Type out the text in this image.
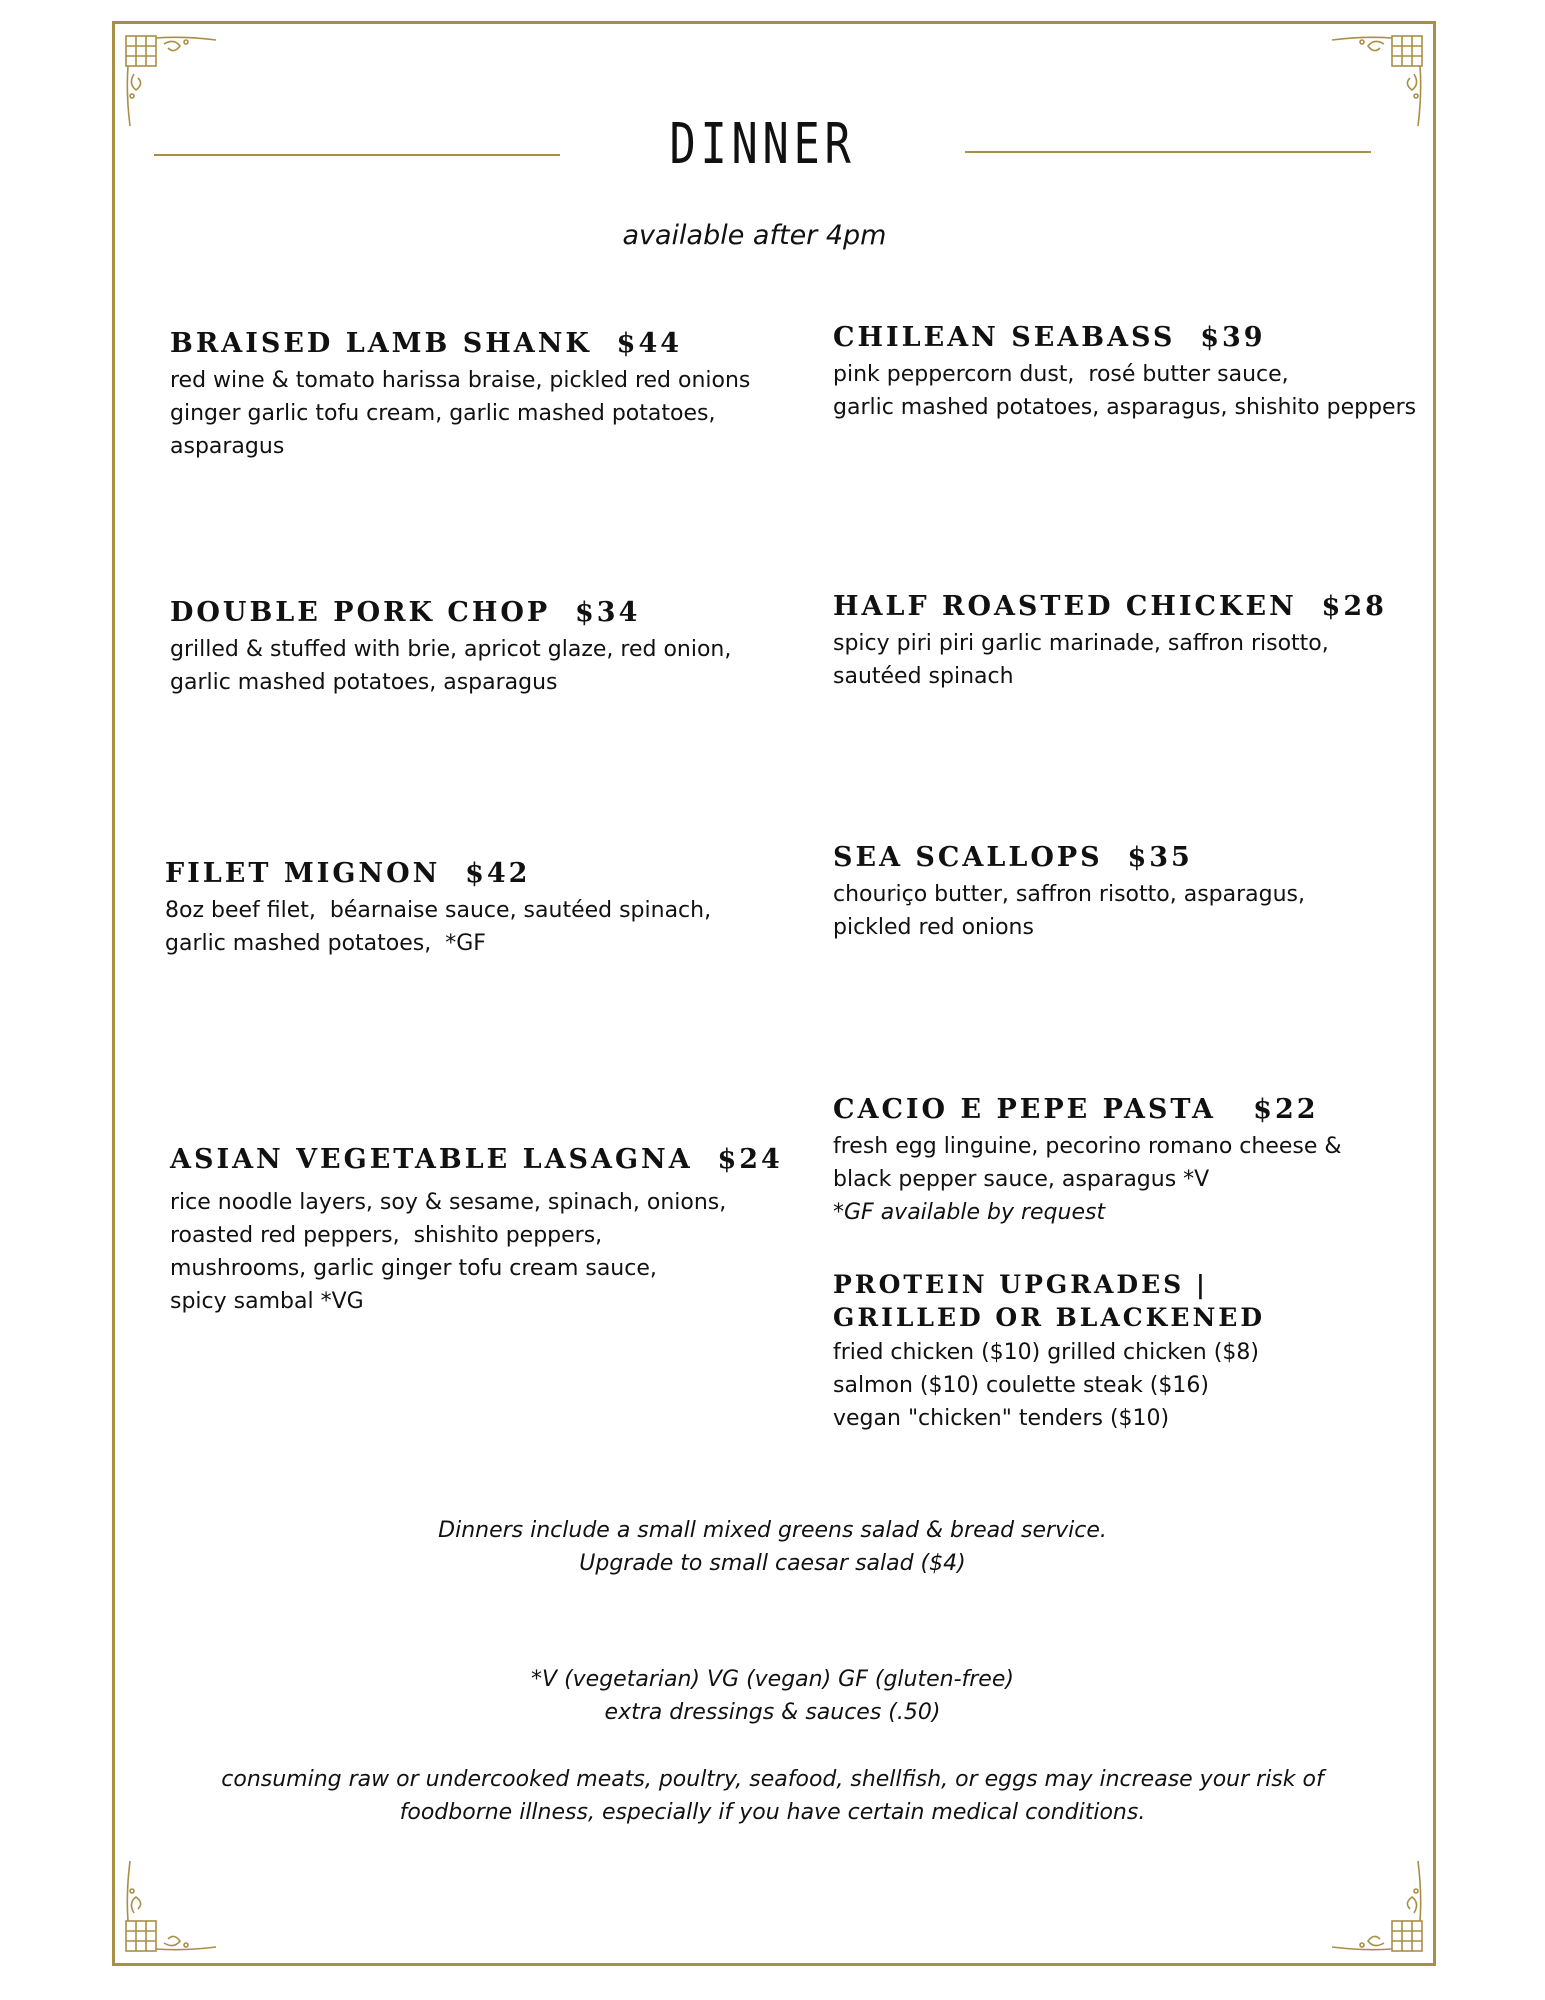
DINNER
available after 4pm
BRAISED LAMB SHANK  $44
red wine & tomato harissa braise, pickled red onions
ginger garlic tofu cream, garlic mashed potatoes,
asparagus
DOUBLE PORK CHOP  $34
grilled & stuffed with brie, apricot glaze, red onion,
garlic mashed potatoes, asparagus
FILET MIGNON  $42
8oz beef filet,  béarnaise sauce, sautéed spinach,
garlic mashed potatoes,  *GF
ASIAN VEGETABLE LASAGNA  $24
rice noodle layers, soy & sesame, spinach, onions,
roasted red peppers,  shishito peppers,
mushrooms, garlic ginger tofu cream sauce,
spicy sambal *VG
CHILEAN SEABASS  $39
pink peppercorn dust,  rosé butter sauce,
garlic mashed potatoes, asparagus, shishito peppers
HALF ROASTED CHICKEN  $28
spicy piri piri garlic marinade, saffron risotto,
sautéed spinach
SEA SCALLOPS  $35
chouriço butter, saffron risotto, asparagus,
pickled red onions
CACIO E PEPE PASTA   $22
fresh egg linguine, pecorino romano cheese &
black pepper sauce, asparagus *V
*GF available by request
PROTEIN UPGRADES |
GRILLED OR BLACKENED
fried chicken ($10) grilled chicken ($8)
salmon ($10) coulette steak ($16)
vegan "chicken" tenders ($10)
Dinners include a small mixed greens salad & bread service.
Upgrade to small caesar salad ($4)
*V (vegetarian) VG (vegan) GF (gluten-free)
extra dressings & sauces (.50)
consuming raw or undercooked meats, poultry, seafood, shellfish, or eggs may increase your risk of
foodborne illness, especially if you have certain medical conditions.
